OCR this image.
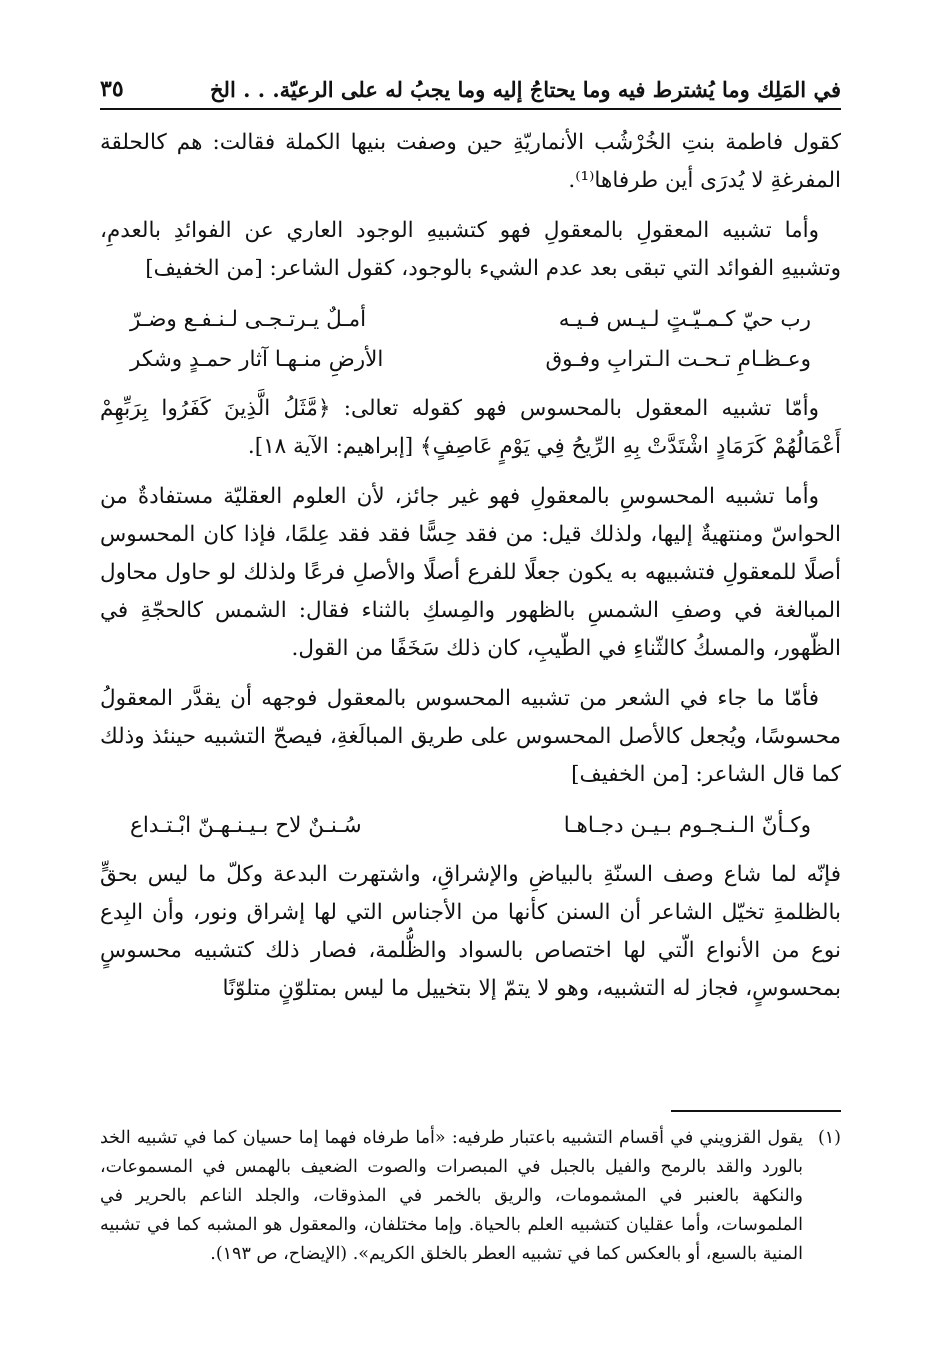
في المَلِك وما يُشترط فيه وما يحتاجُ إليه وما يجبُ له على الرعيّة. . . الخ
٣٥

كقول فاطمة بنتِ الخُرْشُب الأنماريّةِ حين وصفت بنيها الكملة فقالت: هم كالحلقة المفرغةِ لا يُدرَى أين طرفاها⁽¹⁾.

وأما تشبيه المعقولِ بالمعقولِ فهو كتشبيهِ الوجود العاري عن الفوائدِ بالعدمِ، وتشبيهِ الفوائد التي تبقى بعد عدم الشيء بالوجود، كقول الشاعر: [من الخفيف]

رب حيّ كـمـيّـتٍ لـيـس فـيـه
أمـلٌ يـرتـجـى لـنـفـع وضـرّ
وعـظـامِ تـحـت الـترابِ وفـوق
الأرضِ منـهـا آثار حمـدٍ وشكر

وأمّا تشبيه المعقول بالمحسوس فهو كقوله تعالى: ﴿مَّثَلُ الَّذِينَ كَفَرُوا بِرَبِّهِمْ أَعْمَالُهُمْ كَرَمَادٍ اشْتَدَّتْ بِهِ الرِّيحُ فِي يَوْمٍ عَاصِفٍ﴾ [إبراهيم: الآية ١٨].

وأما تشبيه المحسوسِ بالمعقولِ فهو غير جائز، لأن العلوم العقليّة مستفادةٌ من الحواسّ ومنتهيةٌ إليها، ولذلك قيل: من فقد حِسًّا فقد فقد عِلمًا، فإذا كان المحسوس أصلًا للمعقولِ فتشبيهه به يكون جعلًا للفرع أصلًا والأصلِ فرعًا ولذلك لو حاول محاول المبالغة في وصفِ الشمسِ بالظهور والمِسكِ بالثناء فقال: الشمس كالحجّةِ في الظّهور، والمسكُ كالثّناءِ في الطّيبِ، كان ذلك سَخَفًا من القول.

فأمّا ما جاء في الشعر من تشبيه المحسوس بالمعقول فوجهه أن يقدَّر المعقولُ محسوسًا، ويُجعل كالأصل المحسوس على طريق المبالَغةِ، فيصحّ التشبيه حينئذ وذلك كما قال الشاعر: [من الخفيف]

وكـأنّ الـنـجـوم بـيـن دجـاهـا
سُـنـنٌ لاح بـيـنـهـنّ ابْـتـداع

فإنّه لما شاع وصف السنّةِ بالبياضِ والإشراقِ، واشتهرت البدعة وكلّ ما ليس بحقٍّ بالظلمةِ تخيّل الشاعر أن السنن كأنها من الأجناس التي لها إشراق ونور، وأن البِدع نوع من الأنواع الّتي لها اختصاص بالسواد والظُّلمة، فصار ذلك كتشبيه محسوسٍ بمحسوسٍ، فجاز له التشبيه، وهو لا يتمّ إلا بتخييل ما ليس بمتلوّنٍ متلوّنًا

(١)
يقول القزويني في أقسام التشبيه باعتبار طرفيه: «أما طرفاه فهما إما حسيان كما في تشبيه الخد بالورد والقد بالرمح والفيل بالجبل في المبصرات والصوت الضعيف بالهمس في المسموعات، والنكهة بالعنبر في المشمومات، والريق بالخمر في المذوقات، والجلد الناعم بالحرير في الملموسات، وأما عقليان كتشبيه العلم بالحياة. وإما مختلفان، والمعقول هو المشبه كما في تشبيه المنية بالسبع، أو بالعكس كما في تشبيه العطر بالخلق الكريم». (الإيضاح، ص ١٩٣).
